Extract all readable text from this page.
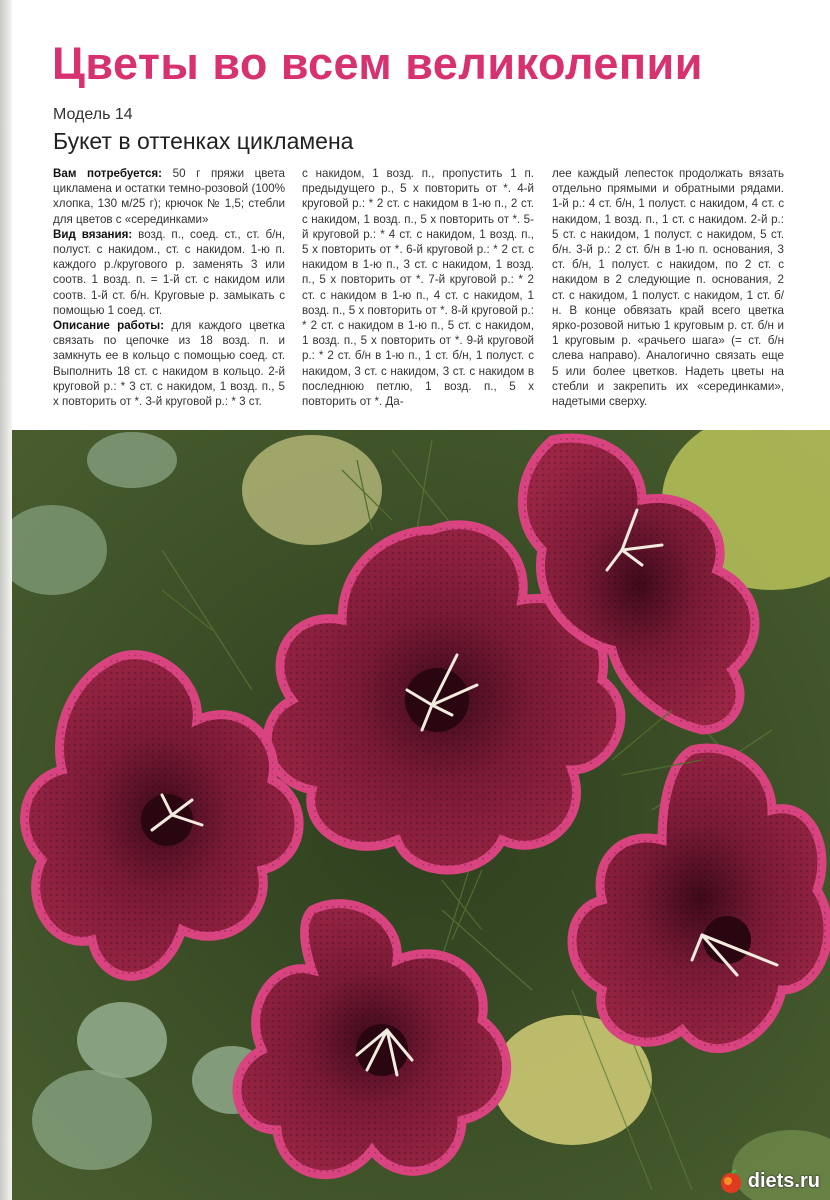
Цветы во всем великолепии
Модель 14
Букет в оттенках цикламена

Вам потребуется: 50 г пряжи цвета цикламена и остатки темно-розовой (100% хлопка, 130 м/25 г); крючок № 1,5; стебли для цветов с «серединками»

Вид вязания: возд. п., соед. ст., ст. б/н, полуст. с накидом., ст. с накидом. 1-ю п. каждого р./кругового р. заменять 3 или соотв. 1 возд. п. = 1-й ст. с накидом или соотв. 1-й ст. б/н. Круговые р. замыкать с помощью 1 соед. ст.

Описание работы: для каждого цветка связать по цепочке из 18 возд. п. и замкнуть ее в кольцо с помощью соед. ст. Выполнить 18 ст. с накидом в кольцо. 2-й круговой р.: * 3 ст. с накидом, 1 возд. п., 5 х повторить от *. 3-й круговой р.: * 3 ст.

с накидом, 1 возд. п., пропустить 1 п. предыдущего р., 5 х повторить от *. 4-й круговой р.: * 2 ст. с накидом в 1-ю п., 2 ст. с накидом, 1 возд. п., 5 х повторить от *. 5-й круговой р.: * 4 ст. с накидом, 1 возд. п., 5 х повторить от *. 6-й круговой р.: * 2 ст. с накидом в 1-ю п., 3 ст. с накидом, 1 возд. п., 5 х повторить от *. 7-й круговой р.: * 2 ст. с накидом в 1-ю п., 4 ст. с накидом, 1 возд. п., 5 х повторить от *. 8-й круговой р.: * 2 ст. с накидом в 1-ю п., 5 ст. с накидом, 1 возд. п., 5 х повторить от *. 9-й круговой р.: * 2 ст. б/н в 1-ю п., 1 ст. б/н, 1 полуст. с накидом, 3 ст. с накидом, 3 ст. с накидом в последнюю петлю, 1 возд. п., 5 х повторить от *. Да-

лее каждый лепесток продолжать вязать отдельно прямыми и обратными рядами. 1-й р.: 4 ст. б/н, 1 полуст. с накидом, 4 ст. с накидом, 1 возд. п., 1 ст. с накидом. 2-й р.: 5 ст. с накидом, 1 полуст. с накидом, 5 ст. б/н. 3-й р.: 2 ст. б/н в 1-ю п. основания, 3 ст. б/н, 1 полуст. с накидом, по 2 ст. с накидом в 2 следующие п. основания, 2 ст. с накидом, 1 полуст. с накидом, 1 ст. б/н. В конце обвязать край всего цветка ярко-розовой нитью 1 круговым р. ст. б/н и 1 круговым р. «рачьего шага» (= ст. б/н слева направо). Аналогично связать еще 5 или более цветков. Надеть цветы на стебли и закрепить их «серединками», надетыми сверху.

diets.ru
